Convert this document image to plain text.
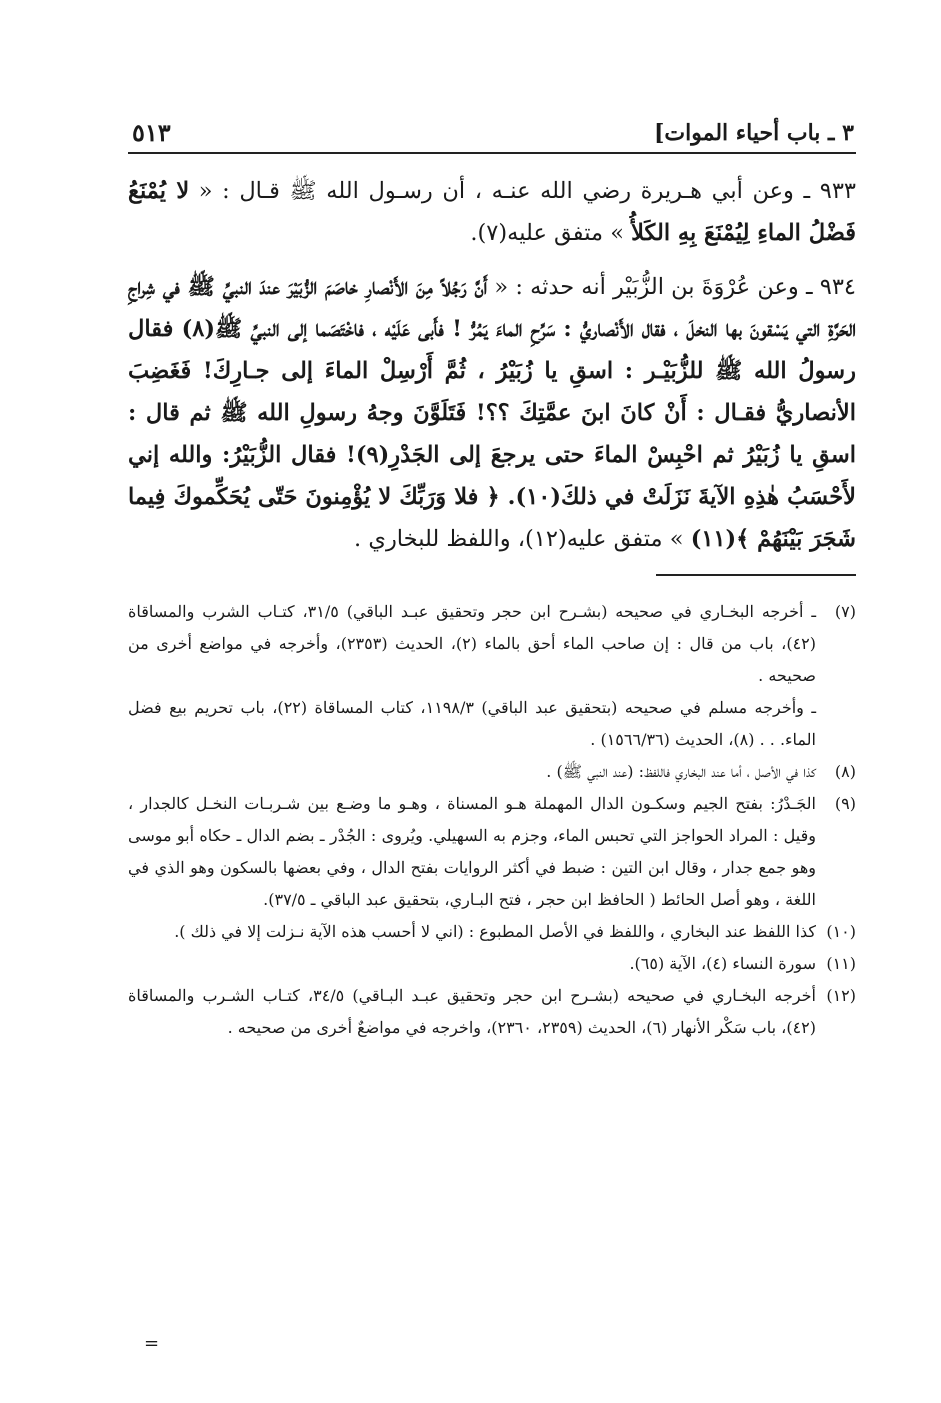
٣ ـ باب أحياء الموات]
٥١٣

٩٣٣ ـ وعن أبي هـريرة رضي الله عنـه ، أن رسـول الله ﷺ قـال : « لا يُمْنَعُ فَضْلُ الماءِ لِيُمْنَعَ بِهِ الكَلأُ » متفق عليه(٧).

٩٣٤ ـ وعن عُرْوَةَ بن الزُّبَيْر أنه حدثه : « أَنَّ رَجُلاً مِنَ الأَنْصارِ خاصَمَ الزُّبَيْرَ عندَ النبيِّ ﷺ في شِراجِ الحَرَّةِ التي يَسْقونَ بها النخلَ ، فقال الأَنْصاريُّ : سَرِّحِ الماءَ يَمُرُّ ! فأَبى عَلَيْه ، فاخْتَصَما إلى النبيِّ ﷺ(٨) فقال رسولُ الله ﷺ للزُّبَيْـر : اسقِ يا زُبَيْرُ ، ثُمَّ أَرْسِلْ الماءَ إلى جـارِكَ! فَغَضِبَ الأنصاريُّ فقـال : أَنْ كانَ ابنَ عمَّتِكَ ؟؟! فَتَلَوَّنَ وجهُ رسولِ الله ﷺ ثم قال : اسقِ يا زُبَيْرُ ثم احْبِسْ الماءَ حتى يرجعَ إلى الجَدْرِ(٩)! فقال الزُّبَيْرُ: والله إني لأَحْسَبُ هٰذِهِ الآيةَ نَزَلَتْ في ذلكَ(١٠). ﴿ فلا وَرَبِّكَ لا يُؤْمِنونَ حَتّى يُحَكِّموكَ فِيما شَجَرَ بَيْنَهُمْ ﴾(١١) » متفق عليه(١٢)، واللفظ للبخاري .

(٧)

ـ أخرجه البخـاري في صحيحه (بشـرح ابن حجر وتحقيق عبـد الباقي) ٣١/٥، كتـاب الشرب والمساقاة (٤٢)، باب من قال : إن صاحب الماء أحق بالماء (٢)، الحديث (٢٣٥٣)، وأخرجه في مواضع أخرى من صحيحه .

ـ وأخرجه مسلم في صحيحه (بتحقيق عبد الباقي) ١١٩٨/٣، كتاب المساقاة (٢٢)، باب تحريم بيع فضل الماء. . . (٨)، الحديث (١٥٦٦/٣٦) .

(٨)

كذا في الأصل ، أما عند البخاري فاللفظ: (عند النبي ﷺ) .

(٩)

الجَـدْرُ: بفتح الجيم وسكـون الدال المهملة هـو المسناة ، وهـو ما وضـع بين شـربـات النخـل كالجدار ، وقيل : المراد الحواجز التي تحبس الماء، وجزم به السهيلي. ويُروى : الجُدْر ـ بضم الدال ـ حكاه أبو موسى وهو جمع جدار ، وقال ابن التين : ضبط في أكثر الروايات بفتح الدال ، وفي بعضها بالسكون وهو الذي في اللغة ، وهو أصل الحائط ( الحافظ ابن حجر ، فتح البـاري، بتحقيق عبد الباقي ـ ٣٧/٥).

(١٠)

كذا اللفظ عند البخاري ، واللفظ في الأصل المطبوع : (اني لا أحسب هذه الآية نـزلت إلا في ذلك ).

(١١)

سورة النساء (٤)، الآية (٦٥).

(١٢)

أخرجه البخـاري في صحيحه (بشـرح ابن حجر وتحقيق عبـد البـاقي) ٣٤/٥، كتـاب الشـرب والمساقاة (٤٢)، باب سَكْر الأنهار (٦)، الحديث (٢٣٥٩، ٢٣٦٠)، واخرجه في مواضعٌ أخرى من صحيحه .

=
